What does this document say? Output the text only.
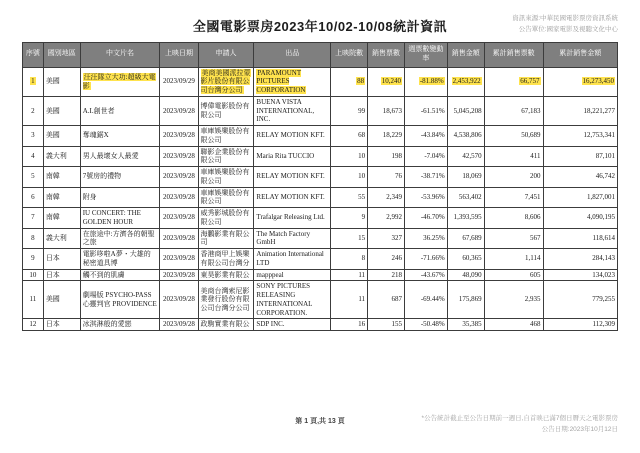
全國電影票房2023年10/02-10/08統計資訊
資訊來源:中華民國電影票房資訊系統
公告單位:國家電影及視聽文化中心
序號	國別地區	中文片名	上映日期	申請人	出品	上映院數	銷售票數	週票數變動率	銷售金額	累計銷售票數	累計銷售金額
1	美國	汪汪隊立大功:超級大電影	2023/09/29	美商美國派拉蒙影片股份有限公司台灣分公司	PARAMOUNT PICTURES CORPORATION	88	10,240	-81.88%	2,453,922	66,757	16,273,450
2	美國	A.I.創世者	2023/09/28	博偉電影股份有限公司	BUENA VISTA INTERNATIONAL, INC.	99	18,673	-61.51%	5,045,208	67,183	18,221,277
3	美國	奪魂鋸X	2023/09/28	車庫娛樂股份有限公司	RELAY MOTION KFT.	68	18,229	-43.84%	4,538,806	50,689	12,753,341
4	義大利	男人最壞女人最愛	2023/09/28	聯影企業股份有限公司	Maria Rita TUCCIO	10	198	-7.04%	42,570	411	87,101
5	南韓	7號房的禮物	2023/09/28	車庫娛樂股份有限公司	RELAY MOTION KFT.	10	76	-38.71%	18,069	200	46,742
6	南韓	附身	2023/09/28	車庫娛樂股份有限公司	RELAY MOTION KFT.	55	2,349	-53.96%	563,402	7,451	1,827,001
7	南韓	IU CONCERT: THE GOLDEN HOUR	2023/09/28	威秀影城股份有限公司	Trafalgar Releasing Ltd.	9	2,992	-46.70%	1,393,595	8,606	4,090,195
8	義大利	在旅途中:方濟各的朝聖之旅	2023/09/28	海鵬影業有限公司	The Match Factory GmbH	15	327	36.25%	67,689	567	118,614
9	日本	電影哆啦A夢・大雄的秘密道具博	2023/09/28	香港商甲上娛樂有限公司台灣分	Animation International LTD	8	246	-71.66%	60,365	1,114	284,143
10	日本	觸不到的肌膚	2023/09/28	東昊影業有限公	mapppeal	11	218	-43.67%	48,090	605	134,023
11	美國	劇場版 PSYCHO-PASS 心靈判官 PROVIDENCE	2023/09/28	美商台灣索尼影業發行股份有限公司台灣分公司	SONY PICTURES RELEASING INTERNATIONAL CORPORATION.	11	687	-69.44%	175,869	2,935	779,255
12	日本	冰淇淋般的愛戀	2023/09/28	政駒實業有限公	SDP INC.	16	155	-50.48%	35,385	468	112,309
第 1 頁,共 13 頁	*公告統計截止至公告日期前一週日,自首映已滿7個日曆天之電影票房
公告日期:2023年10月12日
